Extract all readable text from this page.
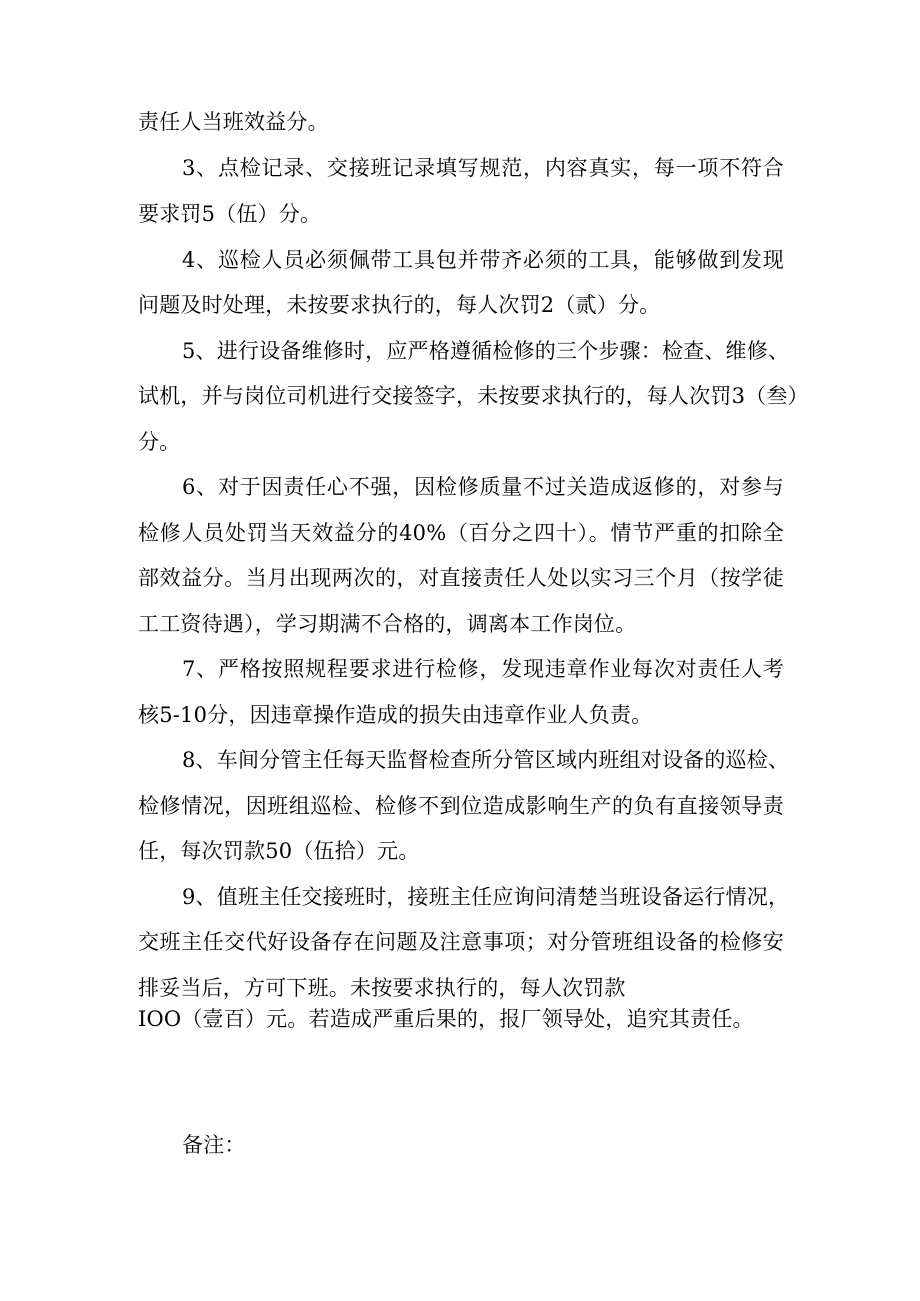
责任人当班效益分。
3、点检记录、交接班记录填写规范，内容真实，每一项不符合
要求罚5（伍）分。
4、巡检人员必须佩带工具包并带齐必须的工具，能够做到发现
问题及时处理，未按要求执行的，每人次罚2（贰）分。
5、进行设备维修时，应严格遵循检修的三个步骤：检查、维修、
试机，并与岗位司机进行交接签字，未按要求执行的，每人次罚3（叁）
分。
6、对于因责任心不强，因检修质量不过关造成返修的，对参与
检修人员处罚当天效益分的40%（百分之四十）。情节严重的扣除全
部效益分。当月出现两次的，对直接责任人处以实习三个月（按学徒
工工资待遇），学习期满不合格的，调离本工作岗位。
7、严格按照规程要求进行检修，发现违章作业每次对责任人考
核5-10分，因违章操作造成的损失由违章作业人负责。
8、车间分管主任每天监督检查所分管区域内班组对设备的巡检、
检修情况，因班组巡检、检修不到位造成影响生产的负有直接领导责
任，每次罚款50（伍拾）元。
9、值班主任交接班时，接班主任应询问清楚当班设备运行情况，
交班主任交代好设备存在问题及注意事项；对分管班组设备的检修安
排妥当后，方可下班。未按要求执行的，每人次罚款
IOO（壹百）元。若造成严重后果的，报厂领导处，追究其责任。
备注：
